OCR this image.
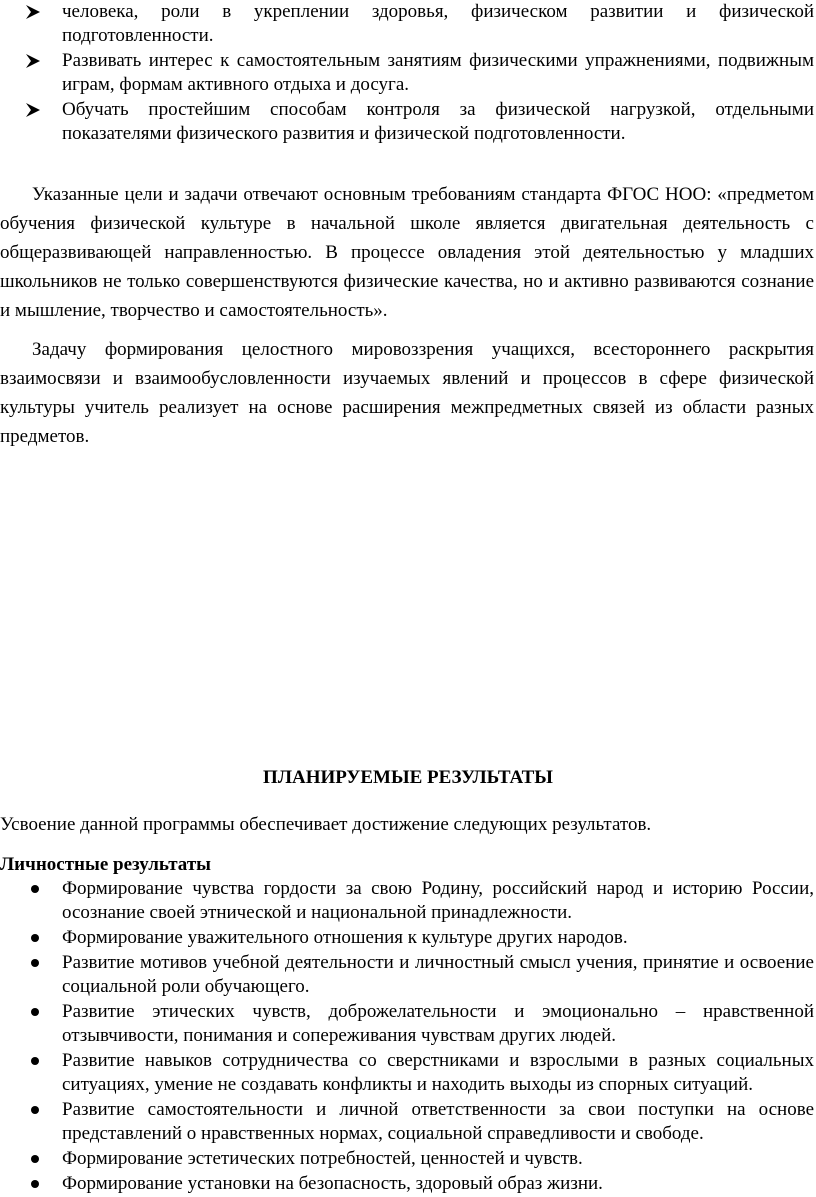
человека, роли в укреплении здоровья, физическом развитии и физической подготовленности.
Развивать интерес к самостоятельным занятиям физическими упражнениями, подвижным играм, формам активного отдыха и досуга.
Обучать простейшим способам контроля за физической нагрузкой, отдельными показателями физического развития и физической подготовленности.

Указанные цели и задачи отвечают основным требованиям стандарта ФГОС НОО: «предметом обучения физической культуре в начальной школе является двигательная деятельность с общеразвивающей направленностью. В процессе овладения этой деятельностью у младших школьников не только совершенствуются физические качества, но и активно развиваются сознание и мышление, творчество и самостоятельность».

Задачу формирования целостного мировоззрения учащихся, всестороннего раскрытия взаимосвязи и взаимообусловленности изучаемых явлений и процессов в сфере физической культуры учитель реализует на основе расширения межпредметных связей из области разных предметов.

ПЛАНИРУЕМЫЕ РЕЗУЛЬТАТЫ

Усвоение данной программы обеспечивает достижение следующих результатов.

Личностные результаты

Формирование чувства гордости за свою Родину, российский народ и историю России, осознание своей этнической и национальной принадлежности.
Формирование уважительного отношения к культуре других народов.
Развитие мотивов учебной деятельности и личностный смысл учения, принятие и освоение социальной роли обучающего.
Развитие этических чувств, доброжелательности и эмоционально – нравственной отзывчивости, понимания и сопереживания чувствам других людей.
Развитие навыков сотрудничества со сверстниками и взрослыми в разных социальных ситуациях, умение не создавать конфликты и находить выходы из спорных ситуаций.
Развитие самостоятельности и личной ответственности за свои поступки на основе представлений о нравственных нормах, социальной справедливости и свободе.
Формирование эстетических потребностей, ценностей и чувств.
Формирование установки на безопасность, здоровый образ жизни.
